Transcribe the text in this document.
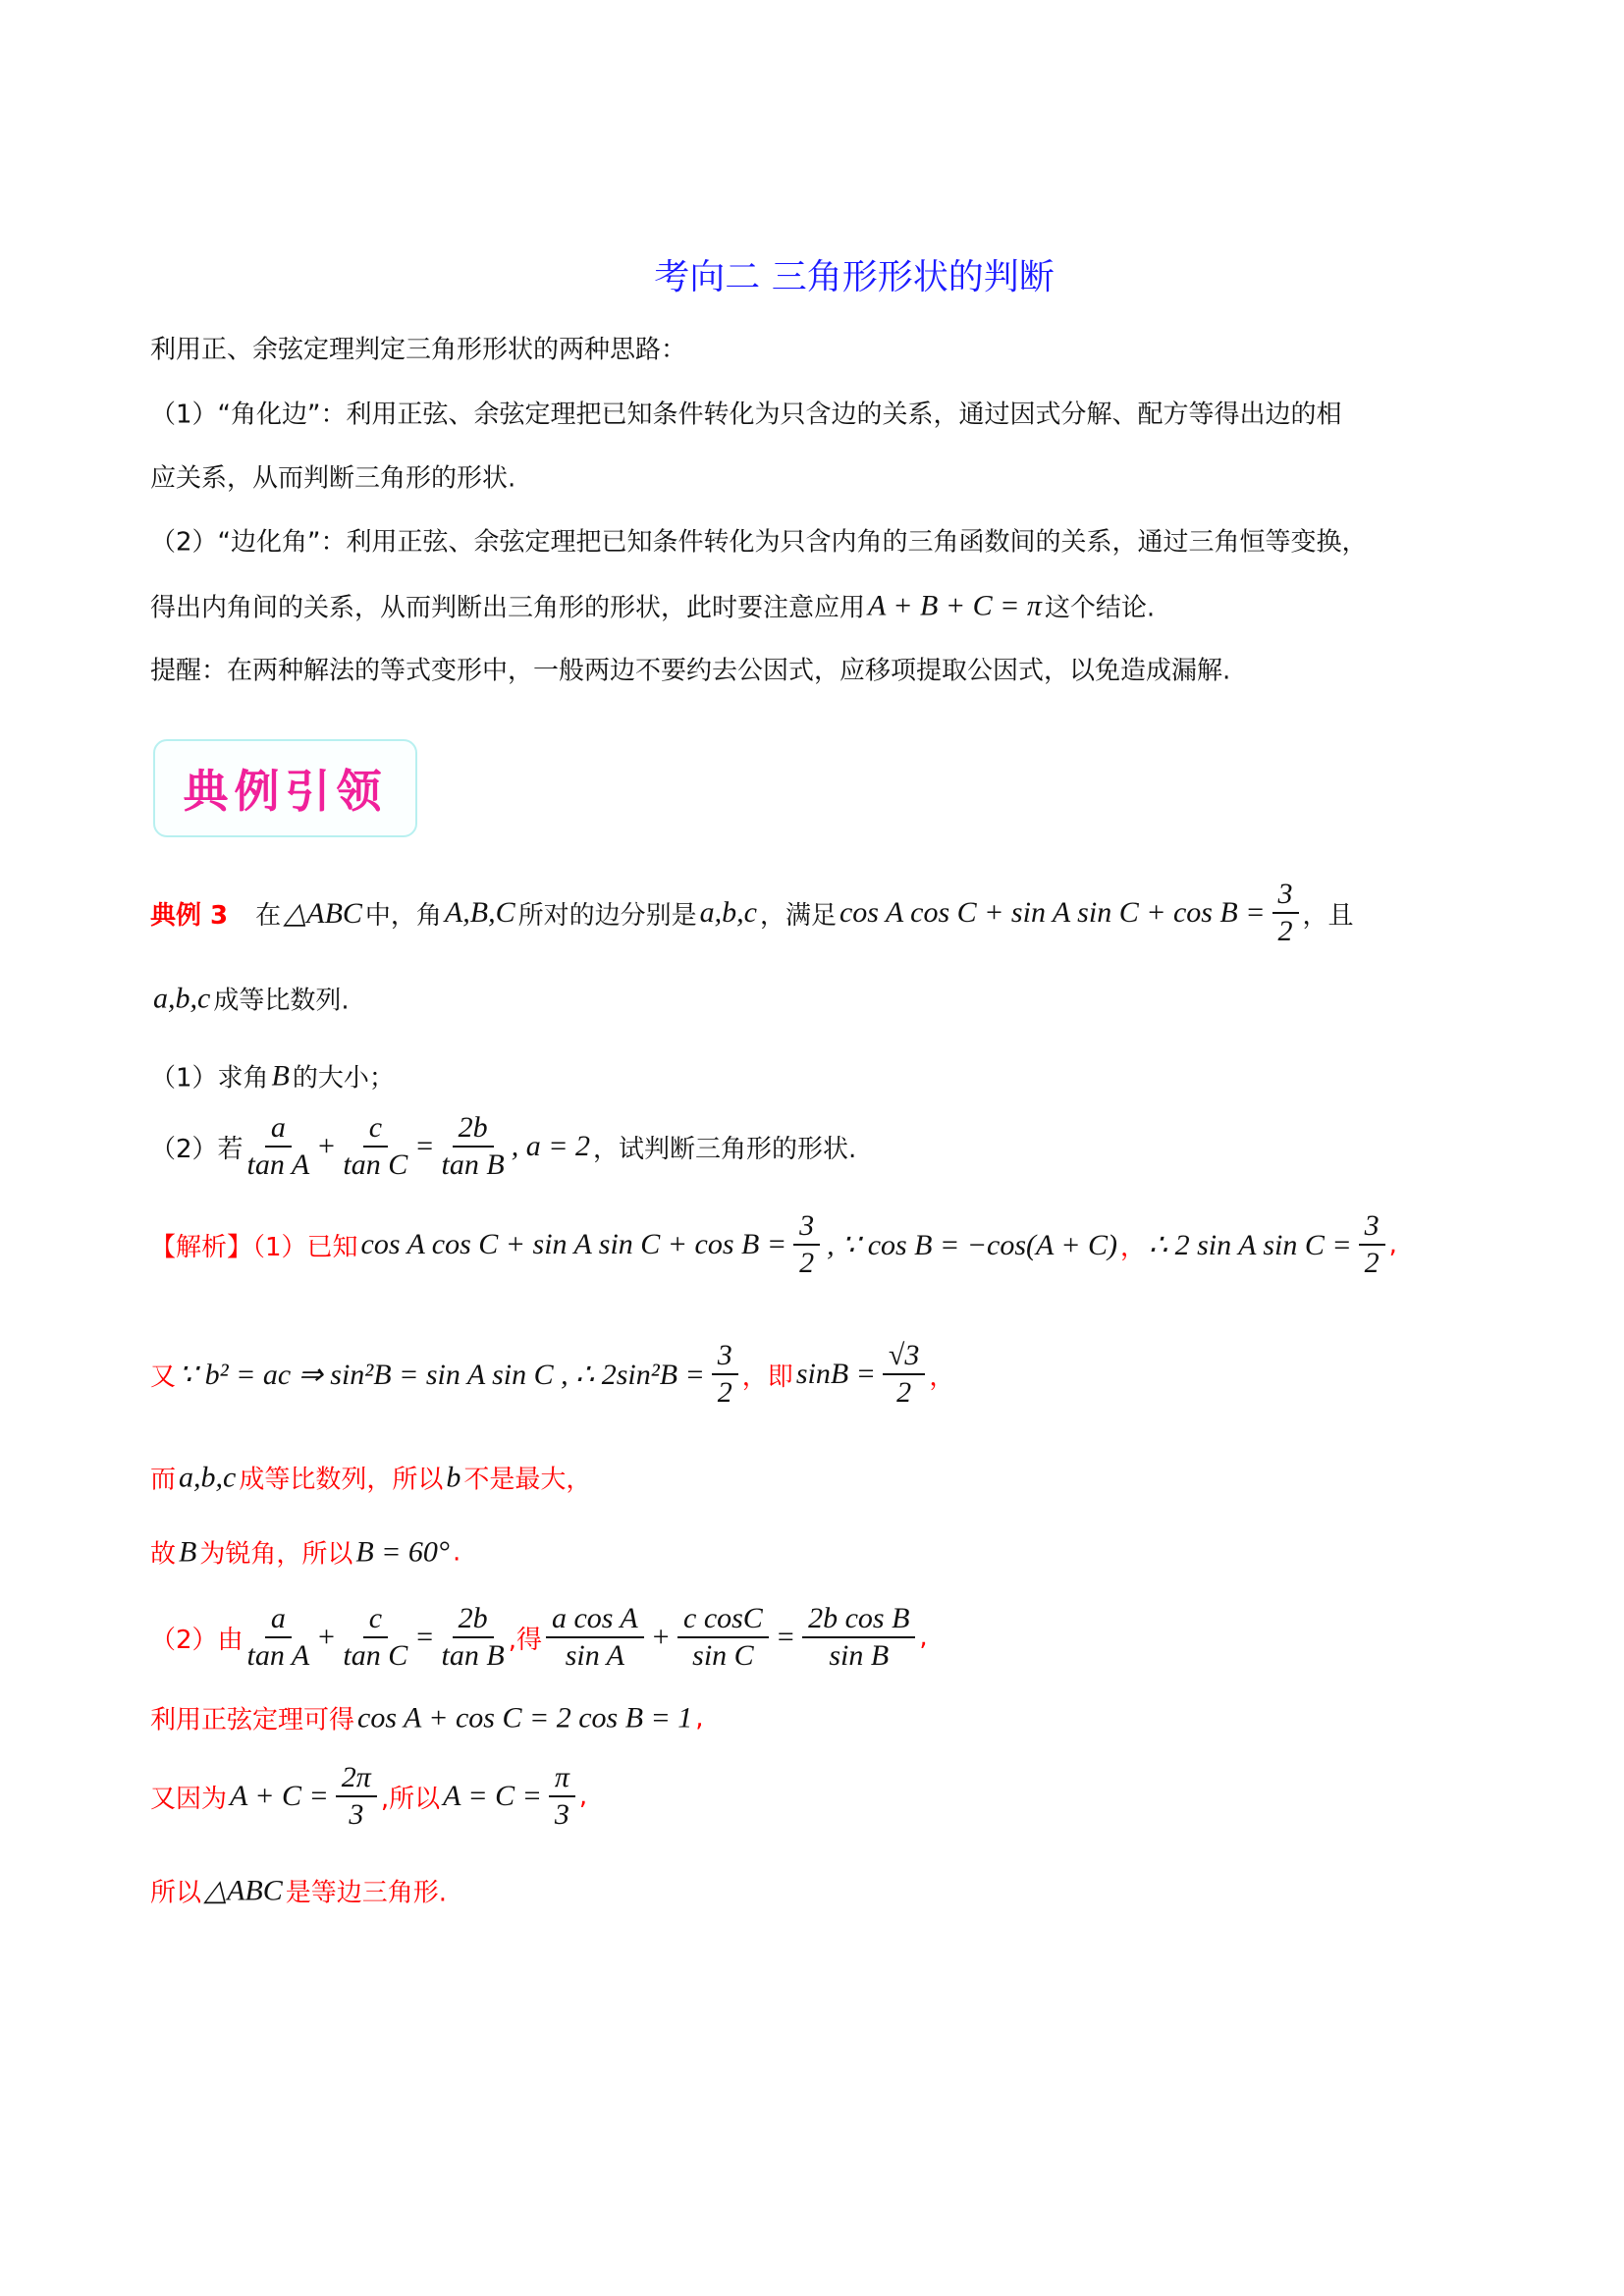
考向二 三角形形状的判断
典例引领
利用正、余弦定理判定三角形形状的两种思路：
（1）“角化边”：利用正弦、余弦定理把已知条件转化为只含边的关系，通过因式分解、配方等得出边的相
应关系，从而判断三角形的形状.
（2）“边化角”：利用正弦、余弦定理把已知条件转化为只含内角的三角函数间的关系，通过三角恒等变换，
得出内角间的关系，从而判断出三角形的形状，此时要注意应用 A + B + C = π 这个结论.
提醒：在两种解法的等式变形中，一般两边不要约去公因式，应移项提取公因式，以免造成漏解.
典例 3 在 △ABC 中，角 A,B,C 所对的边分别是 a,b,c ，满足 cos A cos C + sin A $\sin C + \cos B = \frac{3}{2}$ ，且
a,b,c 成等比数列.
（1）求角 B 的大小；
（2）若 $\frac{a}{\text{tan A}} + \frac{c}{\text{tan C}} = \frac{2b}{\text{tan B}}$ , a = 2 ，试判断三角形的形状.
【解析】（1）已知 cos A cos C + sin A $\sin C + \cos B = \frac{3}{2}$ , ∵ cos B = −cos(A + C) ， ∴ 2 sin A $\sin C = \frac{3}{2}$ ,
又 ∵ b² = ac ⇒ sin²B = sin A sin C , ∴ $2\sin^2B = \frac{3}{2}$ ，即 $\sin B = \frac{√3}{2}$ ，
而 a,b,c 成等比数列，所以 b 不是最大，
故 B 为锐角，所以 B = 60° .
（2）由 $\frac{a}{\text{tan A}} + \frac{c}{\text{tan C}} = \frac{2b}{\text{tan B}}$ ,得 $\frac{\text{a cos A}}{\text{sin A}} + \frac{\text{c cosC}}{\text{sin C}} = \frac{\text{2b cos B}}{\text{sin B}}$ ,
利用正弦定理可得 cos A + cos C = 2 cos B = 1 ,
又因为 $A + C = \frac{2\pi}{3}$ ,所以 $A = C = \frac{\pi}{3}$ ,
所以 △ABC 是等边三角形.
